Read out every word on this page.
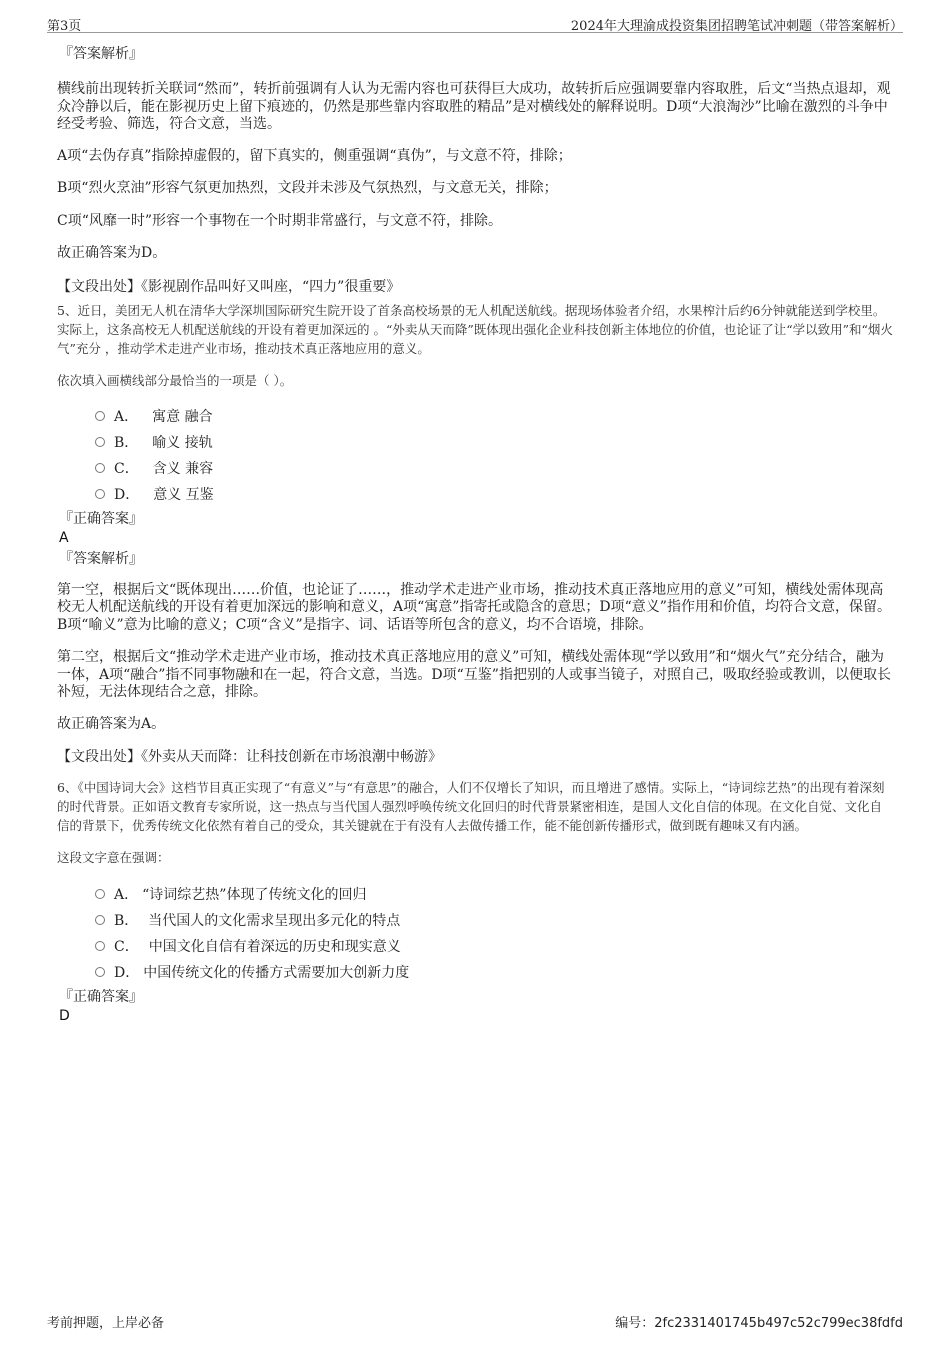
第3页	2024年大理渝成投资集团招聘笔试冲刺题（带答案解析）
『答案解析』

横线前出现转折关联词“然而”，转折前强调有人认为无需内容也可获得巨大成功，故转折后应强调要靠内容取胜，后文“当热点退却，观众冷静以后，能在影视历史上留下痕迹的，仍然是那些靠内容取胜的精品”是对横线处的解释说明。D项“大浪淘沙”比喻在激烈的斗争中经受考验、筛选，符合文意，当选。

A项“去伪存真”指除掉虚假的，留下真实的，侧重强调“真伪”，与文意不符，排除；

B项“烈火烹油”形容气氛更加热烈，文段并未涉及气氛热烈，与文意无关，排除；

C项“风靡一时”形容一个事物在一个时期非常盛行，与文意不符，排除。

故正确答案为D。

【文段出处】《影视剧作品叫好又叫座，“四力”很重要》

5、近日，美团无人机在清华大学深圳国际研究生院开设了首条高校场景的无人机配送航线。据现场体验者介绍，水果榨汁后约6分钟就能送到学校里。实际上，这条高校无人机配送航线的开设有着更加深远的 。“外卖从天而降”既体现出强化企业科技创新主体地位的价值，也论证了让“学以致用”和“烟火气”充分 ，推动学术走进产业市场，推动技术真正落地应用的意义。

依次填入画横线部分最恰当的一项是（ ）。

A． 寓意 融合
B． 喻义 接轨
C． 含义 兼容
D． 意义 互鉴
『正确答案』
A
『答案解析』

第一空，根据后文“既体现出……价值，也论证了……，推动学术走进产业市场，推动技术真正落地应用的意义”可知，横线处需体现高校无人机配送航线的开设有着更加深远的影响和意义，A项“寓意”指寄托或隐含的意思；D项“意义”指作用和价值，均符合文意，保留。B项“喻义”意为比喻的意义；C项“含义”是指字、词、话语等所包含的意义，均不合语境，排除。

第二空，根据后文“推动学术走进产业市场，推动技术真正落地应用的意义”可知，横线处需体现“学以致用”和“烟火气”充分结合，融为一体，A项“融合”指不同事物融和在一起，符合文意，当选。D项“互鉴”指把别的人或事当镜子，对照自己，吸取经验或教训，以便取长补短，无法体现结合之意，排除。

故正确答案为A。

【文段出处】《外卖从天而降：让科技创新在市场浪潮中畅游》

6、《中国诗词大会》这档节目真正实现了“有意义”与“有意思”的融合，人们不仅增长了知识，而且增进了感情。实际上，“诗词综艺热”的出现有着深刻的时代背景。正如语文教育专家所说，这一热点与当代国人强烈呼唤传统文化回归的时代背景紧密相连，是国人文化自信的体现。在文化自觉、文化自信的背景下，优秀传统文化依然有着自己的受众，其关键就在于有没有人去做传播工作，能不能创新传播形式，做到既有趣味又有内涵。

这段文字意在强调：

A． “诗词综艺热”体现了传统文化的回归
B． 当代国人的文化需求呈现出多元化的特点
C． 中国文化自信有着深远的历史和现实意义
D． 中国传统文化的传播方式需要加大创新力度
『正确答案』
D
考前押题，上岸必备	编号：2fc2331401745b497c52c799ec38fdfd
